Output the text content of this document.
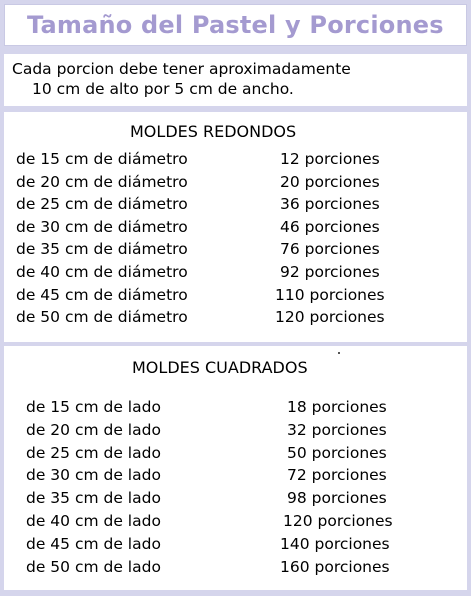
Tamaño del Pastel y Porciones
Cada porcion debe tener aproximadamente
10 cm de alto por 5 cm de ancho.
MOLDES REDONDOS
de 15 cm de diámetro	12 porciones
de 20 cm de diámetro	20 porciones
de 25 cm de diámetro	36 porciones
de 30 cm de diámetro	46 porciones
de 35 cm de diámetro	76 porciones
de 40 cm de diámetro	92 porciones
de 45 cm de diámetro	110 porciones
de 50 cm de diámetro	120 porciones
MOLDES CUADRADOS
de 15 cm de lado	18 porciones
de 20 cm de lado	32 porciones
de 25 cm de lado	50 porciones
de 30 cm de lado	72 porciones
de 35 cm de lado	98 porciones
de 40 cm de lado	120 porciones
de 45 cm de lado	140 porciones
de 50 cm de lado	160 porciones
